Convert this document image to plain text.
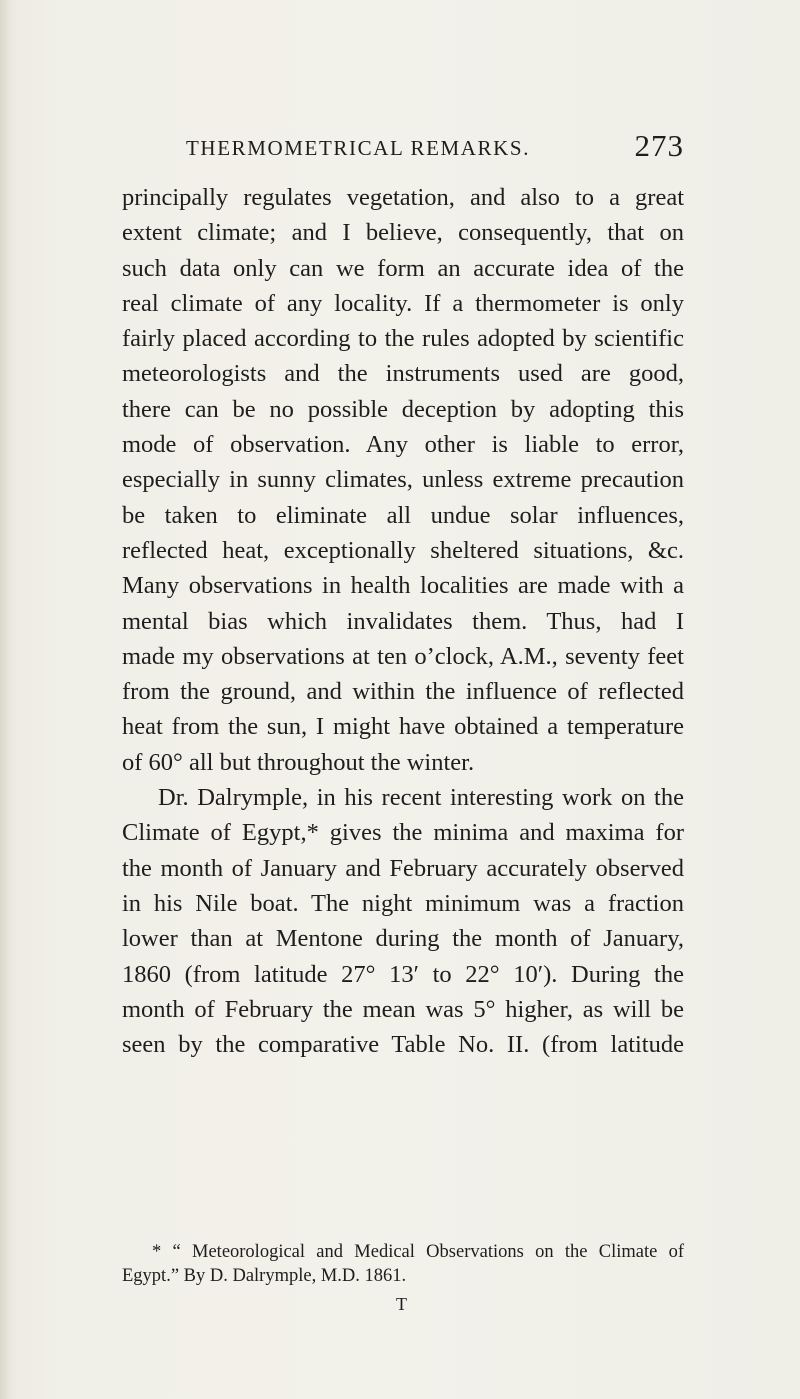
THERMOMETRICAL REMARKS.	273
principally regulates vegetation, and also to a great
extent climate; and I believe, consequently, that on
such data only can we form an accurate idea of the
real climate of any locality. If a thermometer is only
fairly placed according to the rules adopted by scientific
meteorologists and the instruments used are good,
there can be no possible deception by adopting this
mode of observation. Any other is liable to error,
especially in sunny climates, unless extreme precaution
be taken to eliminate all undue solar influences,
reflected heat, exceptionally sheltered situations, &c.
Many observations in health localities are made with a
mental bias which invalidates them. Thus, had I
made my observations at ten o’clock, A.M., seventy feet
from the ground, and within the influence of reflected
heat from the sun, I might have obtained a temperature
of 60° all but throughout the winter.
Dr. Dalrymple, in his recent interesting work on the
Climate of Egypt,* gives the minima and maxima for
the month of January and February accurately observed
in his Nile boat. The night minimum was a fraction
lower than at Mentone during the month of January,
1860 (from latitude 27° 13′ to 22° 10′). During the
month of February the mean was 5° higher, as will be
seen by the comparative Table No. II. (from latitude
* “ Meteorological and Medical Observations on the Climate of
Egypt.” By D. Dalrymple, M.D. 1861.
T
